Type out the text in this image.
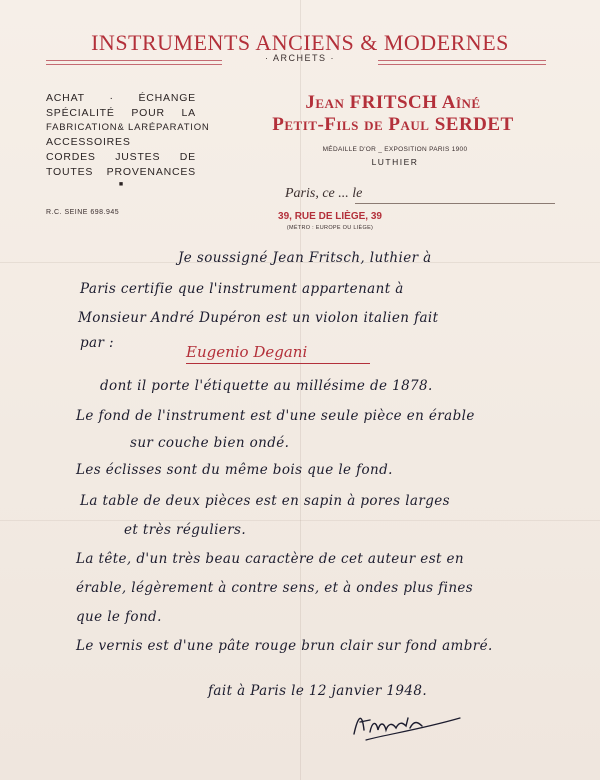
INSTRUMENTS ANCIENS & MODERNES
· ARCHETS ·
ACHAT · ÉCHANGE
SPÉCIALITÉ POUR LA
FABRICATION & LA RÉPARATION
ACCESSOIRES
CORDES JUSTES DE
TOUTES PROVENANCES
■
R.C. SEINE 698.945
Jean FRITSCH Aîné
Petit-Fils de Paul SERDET
MÉDAILLE D'OR _ EXPOSITION PARIS 1900
LUTHIER
Paris, ce ... le
39, RUE DE LIÈGE, 39
(MÉTRO : EUROPE OU LIÈGE)
Je soussigné Jean Fritsch, luthier à
Paris certifie que l'instrument appartenant à
Monsieur André Dupéron est un violon italien fait
par :	Eugenio Degani
dont il porte l'étiquette au millésime de 1878.
Le fond de l'instrument est d'une seule pièce en érable
sur couche bien ondé.
Les éclisses sont du même bois que le fond.
La table de deux pièces est en sapin à pores larges
et très réguliers.
La tête, d'un très beau caractère de cet auteur est en
érable, légèrement à contre sens, et à ondes plus fines
que le fond.
Le vernis est d'une pâte rouge brun clair sur fond ambré.
fait à Paris le 12 janvier 1948.
